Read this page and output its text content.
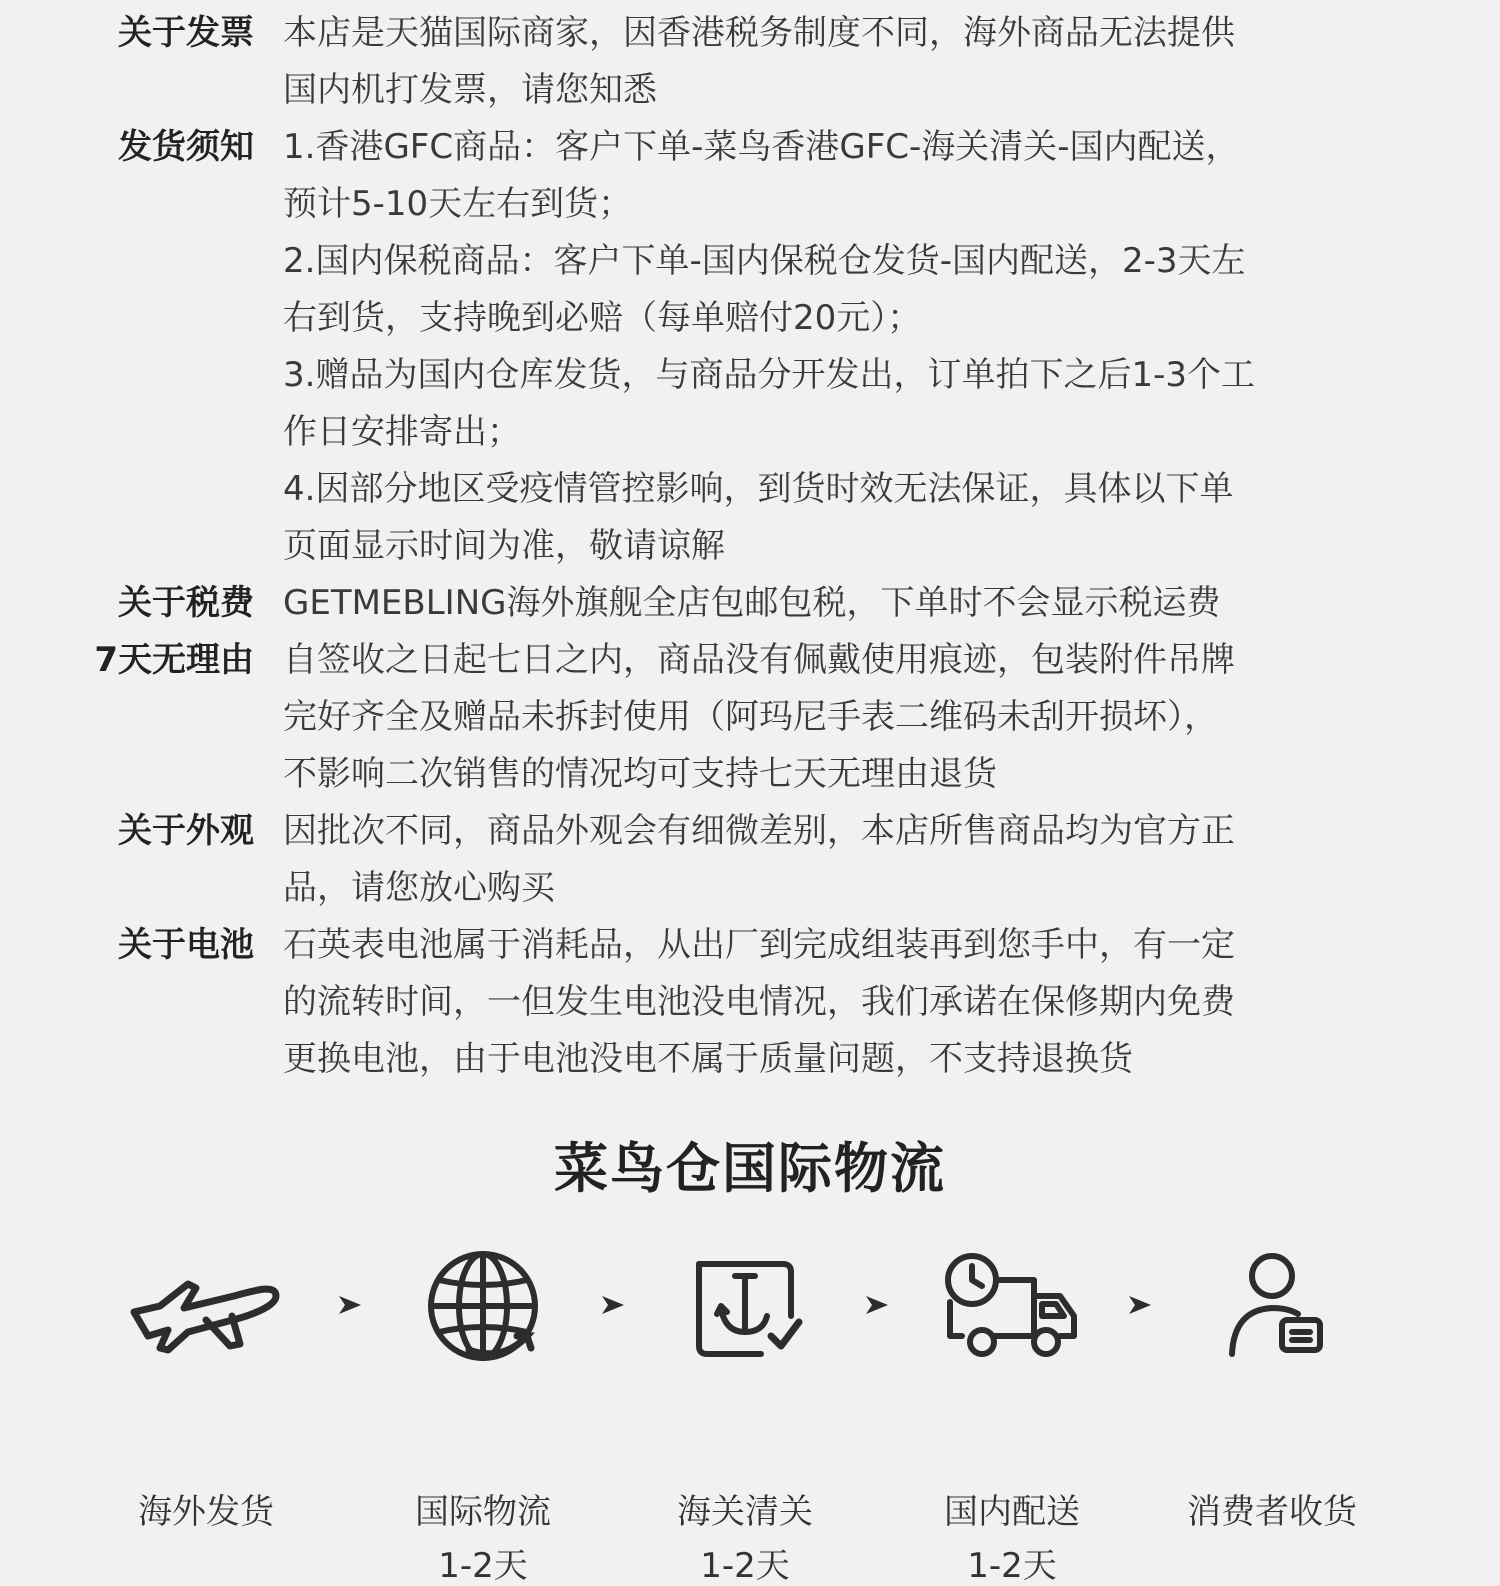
关于发票 本店是天猫国际商家，因香港税务制度不同，海外商品无法提供

国内机打发票，请您知悉

发货须知 1.香港GFC商品：客户下单-菜鸟香港GFC-海关清关-国内配送，

预计5-10天左右到货；

2.国内保税商品：客户下单-国内保税仓发货-国内配送，2-3天左

右到货，支持晚到必赔（每单赔付20元）；

3.赠品为国内仓库发货，与商品分开发出，订单拍下之后1-3个工

作日安排寄出；

4.因部分地区受疫情管控影响，到货时效无法保证，具体以下单

页面显示时间为准，敬请谅解

关于税费 GETMEBLING海外旗舰全店包邮包税，下单时不会显示税运费

7天无理由 自签收之日起七日之内，商品没有佩戴使用痕迹，包装附件吊牌

完好齐全及赠品未拆封使用（阿玛尼手表二维码未刮开损坏），

不影响二次销售的情况均可支持七天无理由退货

关于外观 因批次不同，商品外观会有细微差别，本店所售商品均为官方正

品，请您放心购买

关于电池 石英表电池属于消耗品，从出厂到完成组装再到您手中，有一定

的流转时间，一但发生电池没电情况，我们承诺在保修期内免费

更换电池，由于电池没电不属于质量问题，不支持退换货

菜鸟仓国际物流
海外发货	国际物流
1-2天
海关清关
1-2天
国内配送
1-2天
消费者收货
